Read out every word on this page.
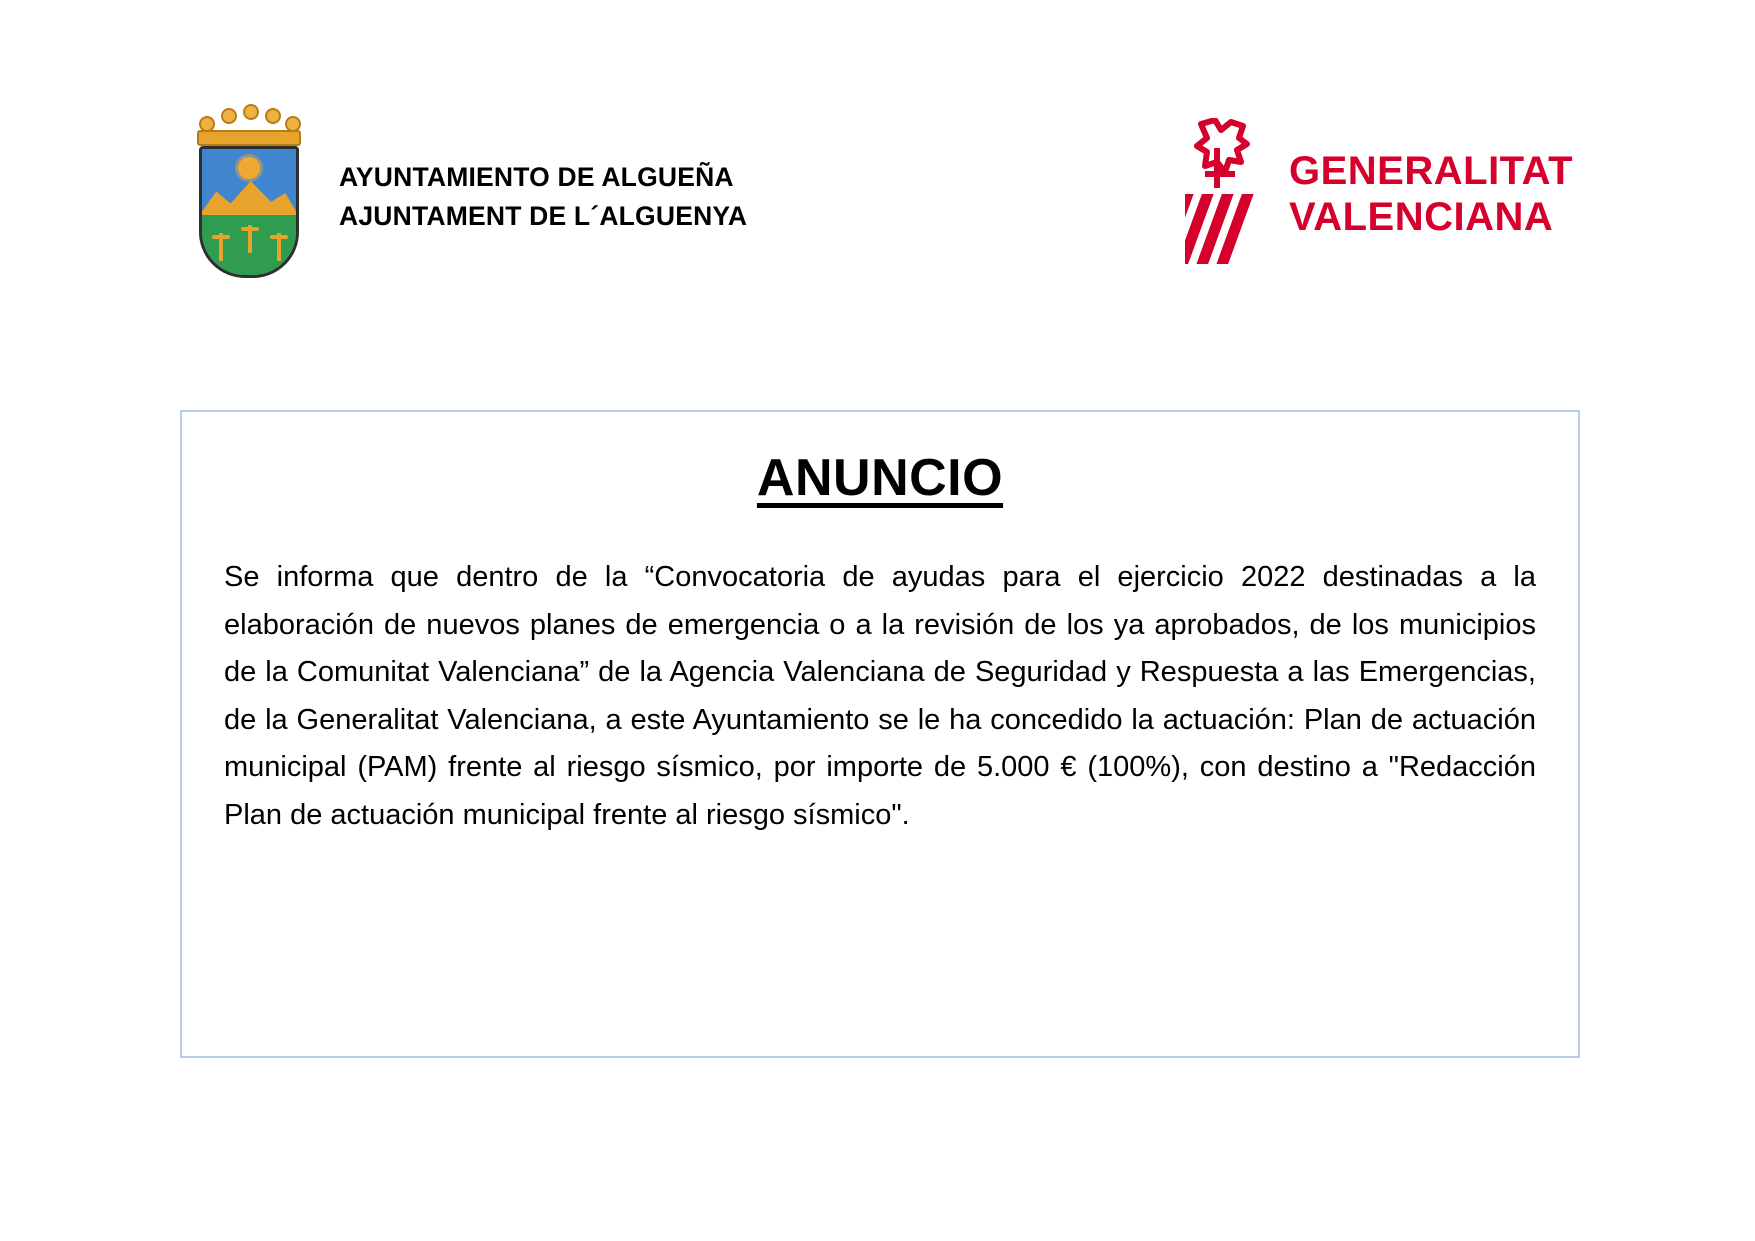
AYUNTAMIENTO DE ALGUEÑA
AJUNTAMENT DE L´ALGUENYA
GENERALITAT
VALENCIANA
ANUNCIO
Se informa que dentro de la “Convocatoria de ayudas para el ejercicio 2022 destinadas a la elaboración de nuevos planes de emergencia o a la revisión de los ya aprobados, de los municipios de la Comunitat Valenciana” de la Agencia Valenciana de Seguridad y Respuesta a las Emergencias, de la Generalitat Valenciana, a este Ayuntamiento se le ha concedido la actuación: Plan de actuación municipal (PAM) frente al riesgo sísmico, por importe de 5.000 € (100%), con destino a "Redacción Plan de actuación municipal frente al riesgo sísmico".
